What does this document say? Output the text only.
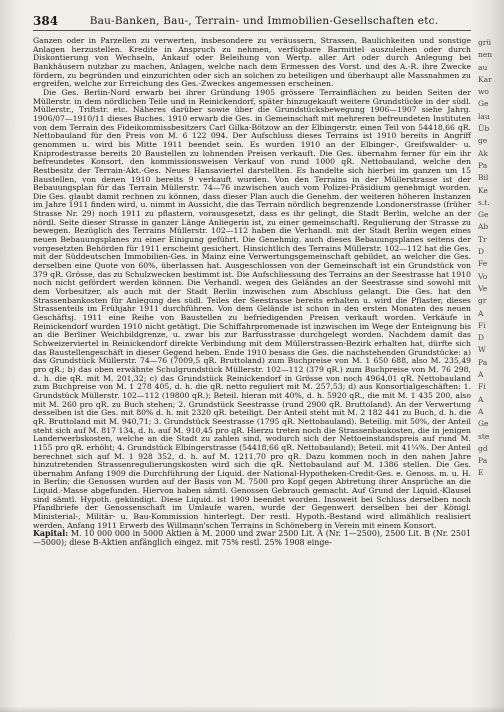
384	Bau-Banken, Bau-, Terrain- und Immobilien-Gesellschaften etc.

Ganzen oder in Parzellen zu verwerten, insbesondere zu veräussern, Strassen, Baulichkeiten und sonstige Anlagen herzustellen. Kredite in Anspruch zu nehmen, verfügbare Barmittel auszuleihen oder durch Diskontierung von Wechseln, Ankauf oder Beleihung von Wertp. aller Art oder durch Anlegung bei Bankhäusern nutzbar zu machen, Anlagen, welche nach dem Ermessen des Vorst. und des A.-R. ihre Zwecke fördern, zu begründen und einzurichten oder sich an solchen zu beteiligen und überhaupt alle Massnahmen zu ergreifen, welche zur Erreichung des Ges.-Zweckes angemessen erscheinen.

Die Ges. Berlin-Nord erwarb bei ihrer Gründung 1905 grössere Terrainflächen zu beiden Seiten der Müllerstr. in dem nördlichen Teile und in Reinickendorf, später hinzugekauft weitere Grundstücke in der südl. Müllerstr., Triftstr. etc. Näheres darüber sowie über die Grundstücksbewegung 1906—1907 siehe Jahrg. 1906/07—1910/11 dieses Buches. 1910 erwarb die Ges. in Gemeinschaft mit mehreren befreundeten Instituten von dem Terrain des Fideikommissbesitzers Carl Gilka-Bötzow an der Elbingerstr. einen Teil von 54418,66 qR. Nettobauland für den Preis von M. 6 122 094. Der Aufschluss dieses Terrains ist 1910 bereits in Angriff genommen u. wird bis Mitte 1911 beendet sein. Es wurden 1910 an der Elbinger-, Greifswalder- u. Kniprodestrasse bereits 20 Baustellen zu lohnenden Preisen verkauft. Die Ges. übernahm ferner für ein ihr befreundetes Konsort. den kommissionsweisen Verkauf von rund 1000 qR. Nettobauland, welche den Restbesitz der Terrain-Akt.-Ges. Neues Hansaviertel darstellten. Es handelte sich hierbei im ganzen um 15 Baustellen, von denen 1910 bereits 9 verkauft wurden. Von den Terrains in der Müllerstrasse ist der Bebauungsplan für das Terrain Müllerstr. 74—76 inzwischen auch vom Polizei-Präsidium genehmigt worden. Die Ges. glaubt damit rechnen zu können, dass dieser Plan auch die Genehm. der weiteren höheren Instanzen im Jahre 1911 finden wird, u. nimmt in Aussicht, die das Terrain nördlich begrenzende Londonerstrasse (früher Strasse Nr. 29) noch 1911 zu pflastern, vorausgesetzt, dass es ihr gelingt, die Stadt Berlin, welche an der nördl. Seite dieser Strasse in ganzer Länge Anliegerin ist, zu einer gemeinschaftl. Regulierung der Strasse zu bewegen. Bezüglich des Terrains Müllerstr. 102—112 haben die Verhandl. mit der Stadt Berlin wegen eines neuen Bebauungsplanes zu einer Einigung geführt. Die Genehmig. auch dieses Bebauungsplanes seitens der vorgesetzten Behörden für 1911 erscheint gesichert. Hinsichtlich des Terrains Müllerstr. 102—112 hat die Ges. mit der Süddeutschen Immobilien-Ges. in Mainz eine Verwertungsgemeinschaft gebildet, an welcher die Ges. derselben eine Quote von 60%, überlassen hat. Ausgeschlossen von der Gemeinschaft ist ein Grundstück von 379 qR. Grösse, das zu Schulzwecken bestimmt ist. Die Aufschliessung des Terrains an der Seestrasse hat 1910 noch nicht gefördert werden können. Die Verhandl. wegen des Geländes an der Seestrasse sind sowohl mit dem Vorbesitzer, als auch mit der Stadt Berlin inzwischen zum Abschluss gelangt. Die Ges. hat den Strassenbankosten für Anlegung des südl. Teiles der Seestrasse bereits erhalten u. wird die Pflaster, dieses Strassenteils im Frühjahr 1911 durchführen. Von dem Gelände ist schon in den ersten Monaten des neuen Geschäftsj. 1911 eine Reihe von Baustellen zu befriedigenden Preisen verkauft worden. Verkäufe in Reinickendorf wurden 1910 nicht getätigt. Die Schiffahrpromenade ist inzwischen im Wege der Enteignung bis an die Berliner Weichbildgrenze, u. zwar bis zur Barfusstrasse durchgelegt worden. Nachdem damit das Schweizerviertel in Reinickendorf direkte Verbindung mit dem Müllerstrassen-Bezirk erhalten hat, dürfte sich das Baustellengeschäft in dieser Gegend heben. Ende 1910 besass die Ges. die nachstehenden Grundstücke: a) das Grundstück Müllerstr. 74—76 (7009,5 qR. Bruttoland) zum Buchpreise von M. 1 650 688, also M. 235,49 pro qR.; b) das oben erwähnte Schulgrundstück Müllerstr. 102—112 (379 qR.) zum Buchpreise von M. 76 298, d. h. die qR. mit M. 201,32; c) das Grundstück Reinickendorf in Grösse von noch 4964,01 qR. Nettobauland zum Buchpreise von M. 1 278 405, d. h. die qR. netto reguliert mit M. 257,53; d) aus Konsortialgeschäften: 1. Grundstück Müllerstr. 102—112 (19800 qR.); Beteil. hieran mit 40%, d. h. 5920 qR., die mit M. 1 435 200, also mit M. 260 pro qR. zu Buch stehen; 2. Grundstück Seestrasse (rund 2900 qR. Bruttoland). An der Verwertung desselben ist die Ges. mit 80% d. h. mit 2320 qR. beteiligt. Der Anteil steht mit M. 2 182 441 zu Buch, d. h. die qR. Bruttoland mit M. 940,71; 3. Grundstück Seestrasse (1795 qR. Nettobauland). Beteilig. mit 50%, der Anteil steht sich auf M. 817 134, d. h. auf M. 910,45 pro qR. Hierzu treten noch die Strassenbaukosten, die in jenigen Landerwerbskosten, welche an die Stadt zu zahlen sind, wodurch sich der Nettoeinstandspreis auf rund M. 1155 pro qR. erhöht; 4. Grundstück Elbingerstrasse (54418,66 qR. Nettobauland); Beteil. mit 41¼%. Der Anteil berechnet sich auf M. 1 928 352, d. h. auf M. 1211,70 pro qR. Dazu kommen noch in den nahen Jahre hinzutretenden Strassenregulierungskosten wird sich die qR. Nettobauland auf M. 1386 stellen. Die Ges. übernahm Anfang 1909 die Durchführung der Liquid. der National-Hypotheken-Credit-Ges. e. Genoss. m. u. H. in Berlin; die Genossen wurden auf der Basis von M. 7500 pro Kopf gegen Abtretung ihrer Ansprüche an die Liquid.-Masse abgefunden. Hiervon haben sämtl. Genossen Gebrauch gemacht. Auf Grund der Liquid.-Klausel sind sämtl. Hypoth. gekündigt. Diese Liquid. ist 1909 beendet worden. Insoweit bei Schluss derselben noch Pfandbriefe der Genossenschaft im Umlaufe waren, wurde der Gegenwert derselben bei der Königl. Ministerial-, Militär- u. Bau-Kommission hinterlegt. Der restl. Hypoth.-Bestand wird allmählich realisiert werden. Anfang 1911 Erwerb des Willmann'schen Terrains in Schöneberg in Verein mit einem Konsort.

Kapital: M. 10 000 000 in 5000 Aktien à M. 2000 und zwar 2500 Lit. A (Nr. 1—2500), 2500 Lit. B (Nr. 2501—5000); diese B-Aktien anfänglich eingez. mit 75% restl. 25% 1908 einge-

grü
nen
au
Kar
wo
Ge
lau
Üb
ge
Ak
Pa
Bil
Ke
s.t.
Ge
Ab
Tr
D
Fe
Vo
Ve
gr
A
Fi
D
W
Pa
A
Fi
A
A
Ge
ste
gd
Pa
E
